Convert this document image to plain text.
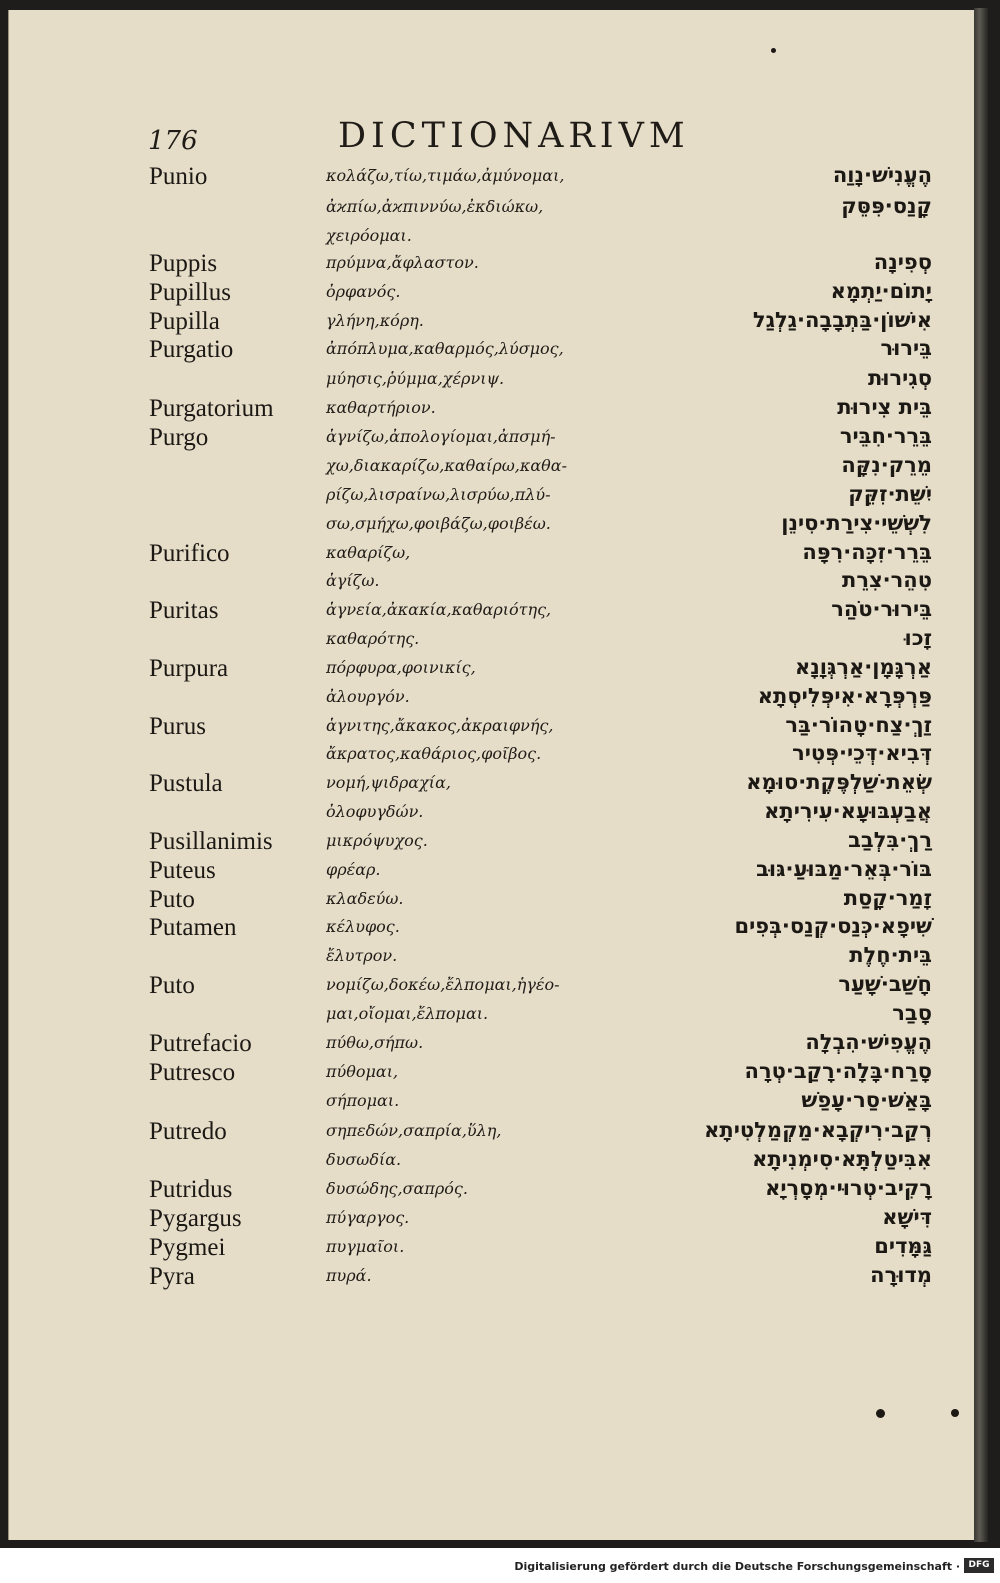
176	DICTIONARIVM
Punio	κολάζω,τίω,τιμάω,ἀμύνομαι,	הֶעֱנִישׁ·נָוַה
ἀϰπίω,ἀϰπιννύω,ἐκδιώκω,	קָנַס·פִּסֵּק
χειρόομαι.
Puppis	πρύμνα,ἄφλαστον.	סְפִינָה
Pupillus	ὀρφανός.	יָתוֹם·יַתְמָא
Pupilla	γλήνη,κόρη.	אִישׁוֹן·בַּתְבָבָה·גַלְגַל
Purgatio	ἀπόπλυμα,καθαρμός,λύσμος,	בֵּירוּר
μύησις,ῥύμμα,χέρνιψ.	סְגִירוּת
Purgatorium	καθαρτήριον.	בֵּית צִירוּת
Purgo	ἁγνίζω,ἀπολογίομαι,ἀπσμή-	בֵּרֵר·חִבֵּיר
χω,διακαρίζω,καθαίρω,καθα-	מֵרֵק·נִקָּה
ρίζω,λισραίνω,λισρύω,πλύ-	יִשֵּׁת·זִקֵּק
σω,σμήχω,φοιβάζω,φοιβέω.	לִשְׁשֵׁי·צִירַת·סִינֵן
Purifico	καθαρίζω,	בֵּרֵר·זִכָּה·רִפָּה
ἁγίζω.	טִהֵר·צִרֵת
Puritas	ἁγνεία,ἀκακία,καθαριότης,	בֵּירוּר·טֹהַר
καθαρότης.	זָכוּ
Purpura	πόρφυρα,φοινικίς,	אַרְגָּמָן·אַרְגְּוָנָא
ἀλουργόν.	פַּרְפְּרָא·אִיפְּלִיסְתָא
Purus	ἁγνιτης,ἄκακος,ἀκραιφνής,	זַךְ·צַח·טָהוֹר·בַּר
ἄκρατος,καθάριος,φοῖβος.	דְּבִיא·דְּכֵי·פְּטִיר
Pustula	νομή,ψιδραχία,	שְׂאֵת·שַׁלְפֶּקֶת·סוּמָא
ὀλοφυγδών.	אֲבַעְבּוּעָא·עִירִיתָא
Pusillanimis	μικρόψυχος.	רַךְ·בִּלְבַב
Puteus	φρέαρ.	בּוֹר·בְּאֵר·מַבּוּעַ·גּוּב
Puto	κλαδεύω.	זָמַר·קָסַת
Putamen	κέλυφος.	שִׁיפָא·כְּנַס·קְנַס·בְּפִים
ἔλυτρον.	בֵּית·חֶלֶת
Puto	νομίζω,δοκέω,ἔλπομαι,ἡγέο-	חָשַׁב·שָׁעַר
μαι,οἴομαι,ἔλπομαι.	סָבַר
Putrefacio	πύθω,σήπω.	הֶעֱפִישׁ·הִבְלָה
Putresco	πύθομαι,	סָרַח·בָּלָה·רָקַב·טְרָה
σήπομαι.	בָּאַשׁ·סַר·עָפַשׁ
Putredo	σηπεδών,σαπρία,ὕλη,	רְקַב·רִיקְבָא·מַקְמַלְטִיתָא
δυσωδία.	אִבִּיטַלְתָּא·סִימְנִיתָא
Putridus	δυσώδης,σαπρός.	רָקִיב·טְרוּי·מְסָרְיָא
Pygargus	πύγαργος.	דִּישָׁא
Pygmei	πυγμαῖοι.	גַּמָּדִים
Pyra	πυρά.	מְדוּרָה
Digitalisierung gefördert durch die Deutsche Forschungsgemeinschaft · DFG
